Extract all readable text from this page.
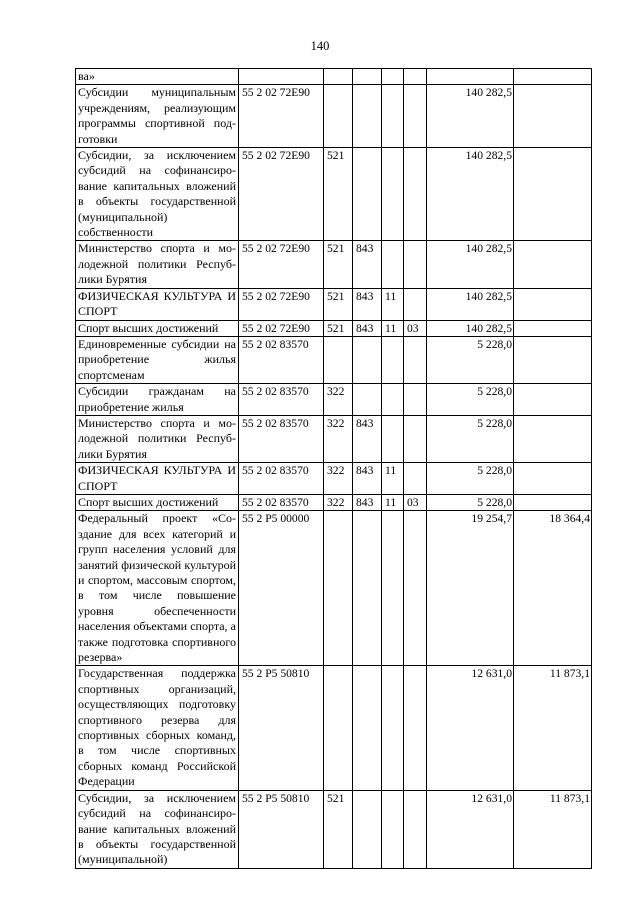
140
ва»							
Субсидии муниципальным учреждениям, реализующим программы спортивной подготовки	55 2 02 72E90					140 282,5	
Субсидии, за исключением субсидий на софинансирование капитальных вложений в объекты государственной (муниципальной) собственности	55 2 02 72E90	521				140 282,5	
Министерство спорта и молодежной политики Республики Бурятия	55 2 02 72E90	521	843			140 282,5	
ФИЗИЧЕСКАЯ КУЛЬТУРА И СПОРТ	55 2 02 72E90	521	843	11		140 282,5	
Спорт высших достижений	55 2 02 72E90	521	843	11	03	140 282,5	
Единовременные субсидии на приобретение жилья спортсменам	55 2 02 83570					5 228,0	
Субсидии гражданам на приобретение жилья	55 2 02 83570	322				5 228,0	
Министерство спорта и молодежной политики Республики Бурятия	55 2 02 83570	322	843			5 228,0	
ФИЗИЧЕСКАЯ КУЛЬТУРА И СПОРТ	55 2 02 83570	322	843	11		5 228,0	
Спорт высших достижений	55 2 02 83570	322	843	11	03	5 228,0	
Федеральный проект «Создание для всех категорий и групп населения условий для занятий физической культурой и спортом, массовым спортом, в том числе повышение уровня обеспеченности населения объектами спорта, а также подготовка спортивного резерва»	55 2 P5 00000					19 254,7	18 364,4
Государственная поддержка спортивных организаций, осуществляющих подготовку спортивного резерва для спортивных сборных команд, в том числе спортивных сборных команд Российской Федерации	55 2 P5 50810					12 631,0	11 873,1
Субсидии, за исключением субсидий на софинансирование капитальных вложений в объекты государственной (муниципальной)	55 2 P5 50810	521				12 631,0	11 873,1
